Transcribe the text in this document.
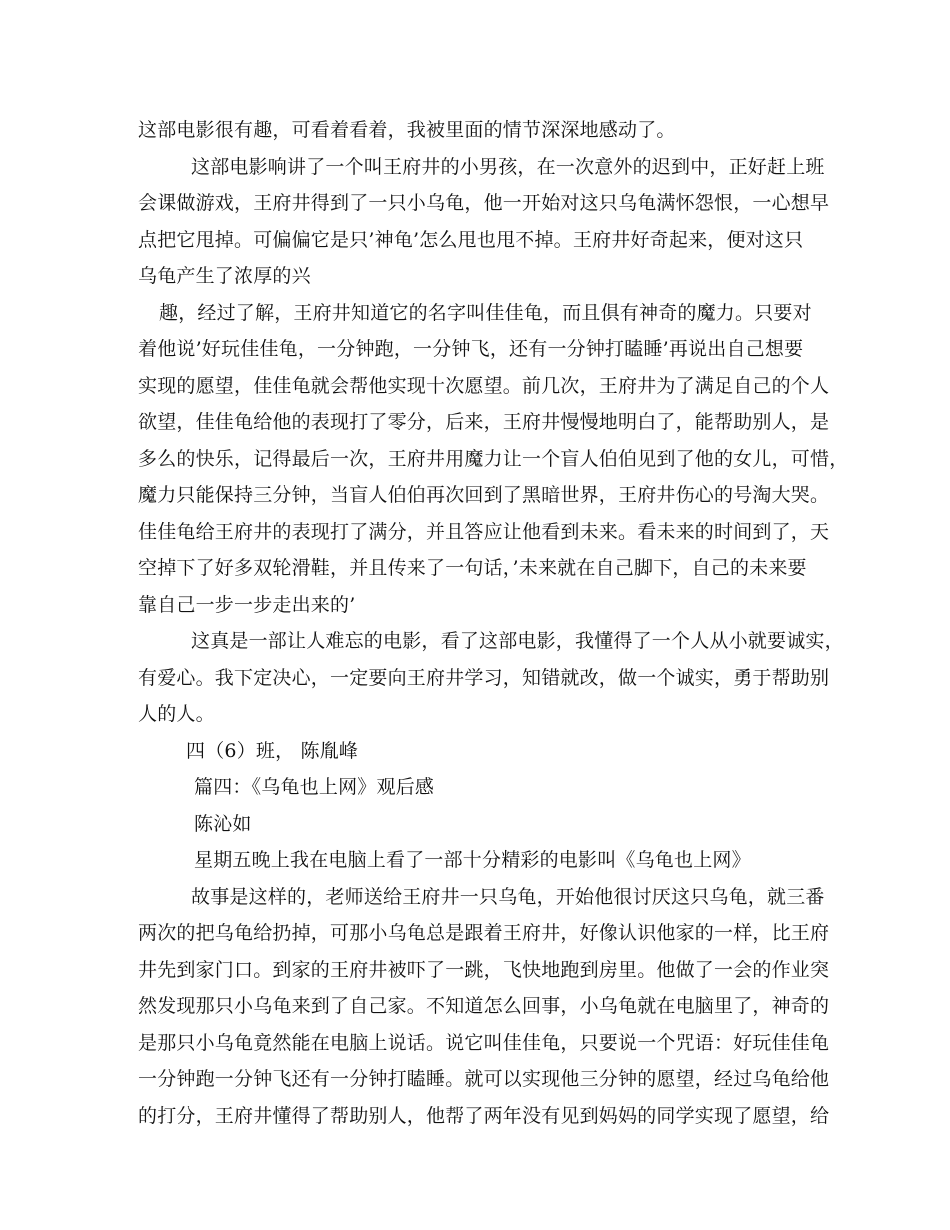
这部电影很有趣，可看着看着，我被里面的情节深深地感动了。
这部电影响讲了一个叫王府井的小男孩，在一次意外的迟到中，正好赶上班
会课做游戏，王府井得到了一只小乌龟，他一开始对这只乌龟满怀怨恨，一心想早
点把它甩掉。可偏偏它是只’神龟’怎么甩也甩不掉。王府井好奇起来，便对这只
乌龟产生了浓厚的兴
趣，经过了解，王府井知道它的名字叫佳佳龟，而且俱有神奇的魔力。只要对
着他说’好玩佳佳龟，一分钟跑，一分钟飞，还有一分钟打瞌睡’再说出自己想要
实现的愿望，佳佳龟就会帮他实现十次愿望。前几次，王府井为了满足自己的个人
欲望，佳佳龟给他的表现打了零分，后来，王府井慢慢地明白了，能帮助别人，是
多么的快乐，记得最后一次，王府井用魔力让一个盲人伯伯见到了他的女儿，可惜，
魔力只能保持三分钟，当盲人伯伯再次回到了黑暗世界，王府井伤心的号淘大哭。
佳佳龟给王府井的表现打了满分，并且答应让他看到未来。看未来的时间到了，天
空掉下了好多双轮滑鞋，并且传来了一句话，’未来就在自己脚下，自己的未来要
靠自己一步一步走出来的’
这真是一部让人难忘的电影，看了这部电影，我懂得了一个人从小就要诚实，
有爱心。我下定决心，一定要向王府井学习，知错就改，做一个诚实，勇于帮助别
人的人。
四（6）班， 陈胤峰
篇四：《乌龟也上网》观后感
陈沁如
星期五晚上我在电脑上看了一部十分精彩的电影叫《乌龟也上网》
故事是这样的，老师送给王府井一只乌龟，开始他很讨厌这只乌龟，就三番
两次的把乌龟给扔掉，可那小乌龟总是跟着王府井，好像认识他家的一样，比王府
井先到家门口。到家的王府井被吓了一跳，飞快地跑到房里。他做了一会的作业突
然发现那只小乌龟来到了自己家。不知道怎么回事，小乌龟就在电脑里了，神奇的
是那只小乌龟竟然能在电脑上说话。说它叫佳佳龟，只要说一个咒语：好玩佳佳龟
一分钟跑一分钟飞还有一分钟打瞌睡。就可以实现他三分钟的愿望，经过乌龟给他
的打分，王府井懂得了帮助别人，他帮了两年没有见到妈妈的同学实现了愿望，给
